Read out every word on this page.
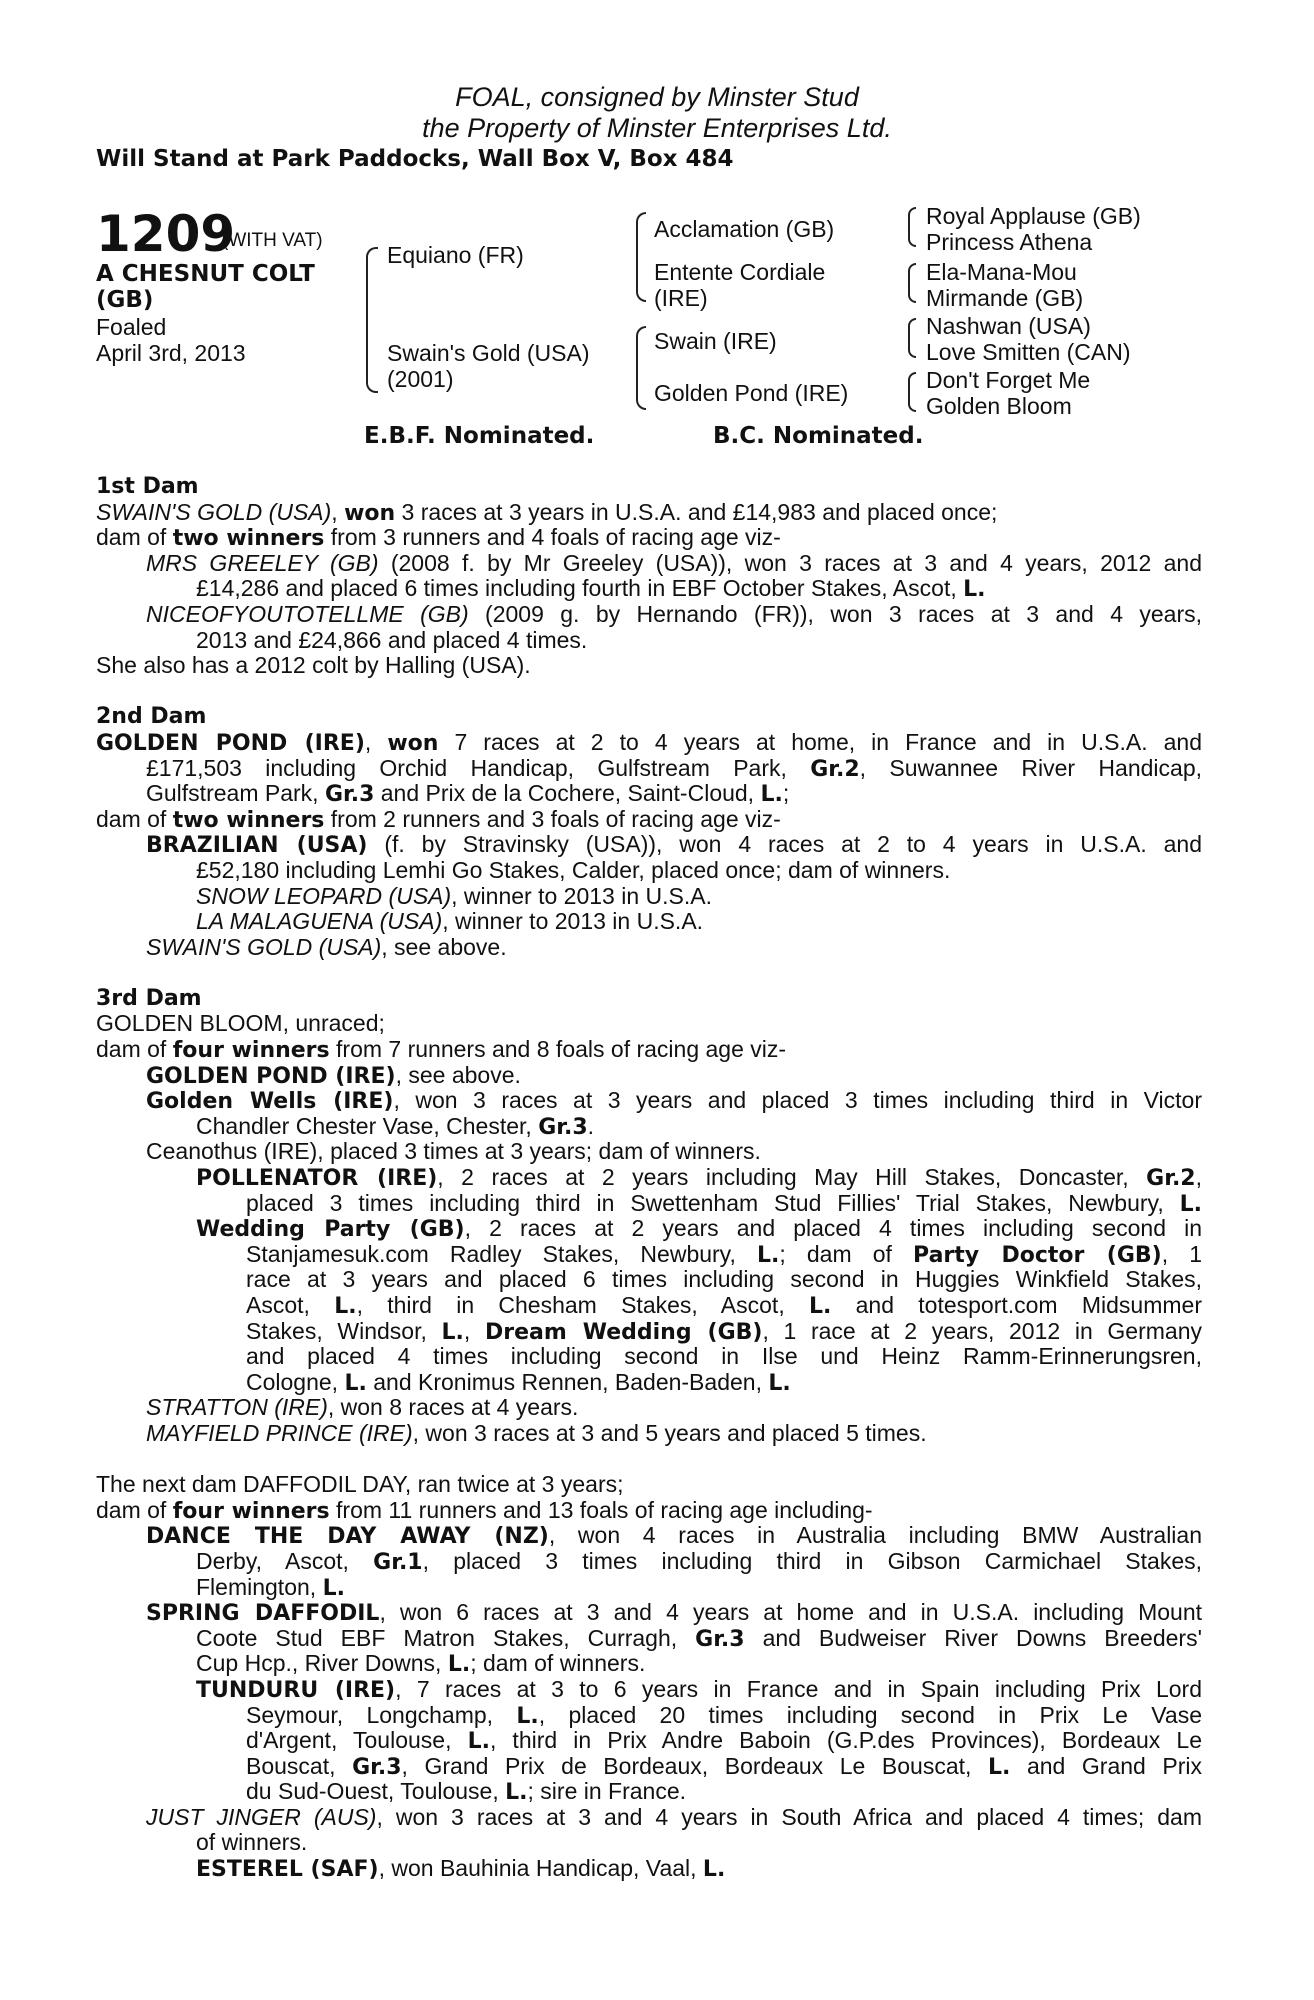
FOAL, consigned by Minster Stud

the Property of Minster Enterprises Ltd.

Will Stand at Park Paddocks, Wall Box V, Box 484

1209
(WITH VAT)
A CHESNUT COLT
(GB)
Foaled
April 3rd, 2013
Equiano (FR)
Swain's Gold (USA)
(2001)
Acclamation (GB)
Entente Cordiale
(IRE)
Swain (IRE)
Golden Pond (IRE)
Royal Applause (GB)
Princess Athena
Ela-Mana-Mou
Mirmande (GB)
Nashwan (USA)
Love Smitten (CAN)
Don't Forget Me
Golden Bloom
E.B.F. Nominated.	B.C. Nominated.
1st Dam
SWAIN'S GOLD (USA), won 3 races at 3 years in U.S.A. and £14,983 and placed once;
dam of two winners from 3 runners and 4 foals of racing age viz-
MRS GREELEY (GB) (2008 f. by Mr Greeley (USA)), won 3 races at 3 and 4 years, 2012 and
£14,286 and placed 6 times including fourth in EBF October Stakes, Ascot, L.
NICEOFYOUTOTELLME (GB) (2009 g. by Hernando (FR)), won 3 races at 3 and 4 years,
2013 and £24,866 and placed 4 times.
She also has a 2012 colt by Halling (USA).
2nd Dam
GOLDEN POND (IRE), won 7 races at 2 to 4 years at home, in France and in U.S.A. and
£171,503 including Orchid Handicap, Gulfstream Park, Gr.2, Suwannee River Handicap,
Gulfstream Park, Gr.3 and Prix de la Cochere, Saint-Cloud, L.;
dam of two winners from 2 runners and 3 foals of racing age viz-
BRAZILIAN (USA) (f. by Stravinsky (USA)), won 4 races at 2 to 4 years in U.S.A. and
£52,180 including Lemhi Go Stakes, Calder, placed once; dam of winners.
SNOW LEOPARD (USA), winner to 2013 in U.S.A.
LA MALAGUENA (USA), winner to 2013 in U.S.A.
SWAIN'S GOLD (USA), see above.
3rd Dam
GOLDEN BLOOM, unraced;
dam of four winners from 7 runners and 8 foals of racing age viz-
GOLDEN POND (IRE), see above.
Golden Wells (IRE), won 3 races at 3 years and placed 3 times including third in Victor
Chandler Chester Vase, Chester, Gr.3.
Ceanothus (IRE), placed 3 times at 3 years; dam of winners.
POLLENATOR (IRE), 2 races at 2 years including May Hill Stakes, Doncaster, Gr.2,
placed 3 times including third in Swettenham Stud Fillies' Trial Stakes, Newbury, L.
Wedding Party (GB), 2 races at 2 years and placed 4 times including second in
Stanjamesuk.com Radley Stakes, Newbury, L.; dam of Party Doctor (GB), 1
race at 3 years and placed 6 times including second in Huggies Winkfield Stakes,
Ascot, L., third in Chesham Stakes, Ascot, L. and totesport.com Midsummer
Stakes, Windsor, L., Dream Wedding (GB), 1 race at 2 years, 2012 in Germany
and placed 4 times including second in Ilse und Heinz Ramm-Erinnerungsren,
Cologne, L. and Kronimus Rennen, Baden-Baden, L.
STRATTON (IRE), won 8 races at 4 years.
MAYFIELD PRINCE (IRE), won 3 races at 3 and 5 years and placed 5 times.
The next dam DAFFODIL DAY, ran twice at 3 years;
dam of four winners from 11 runners and 13 foals of racing age including-
DANCE THE DAY AWAY (NZ), won 4 races in Australia including BMW Australian
Derby, Ascot, Gr.1, placed 3 times including third in Gibson Carmichael Stakes,
Flemington, L.
SPRING DAFFODIL, won 6 races at 3 and 4 years at home and in U.S.A. including Mount
Coote Stud EBF Matron Stakes, Curragh, Gr.3 and Budweiser River Downs Breeders'
Cup Hcp., River Downs, L.; dam of winners.
TUNDURU (IRE), 7 races at 3 to 6 years in France and in Spain including Prix Lord
Seymour, Longchamp, L., placed 20 times including second in Prix Le Vase
d'Argent, Toulouse, L., third in Prix Andre Baboin (G.P.des Provinces), Bordeaux Le
Bouscat, Gr.3, Grand Prix de Bordeaux, Bordeaux Le Bouscat, L. and Grand Prix
du Sud-Ouest, Toulouse, L.; sire in France.
JUST JINGER (AUS), won 3 races at 3 and 4 years in South Africa and placed 4 times; dam
of winners.
ESTEREL (SAF), won Bauhinia Handicap, Vaal, L.
